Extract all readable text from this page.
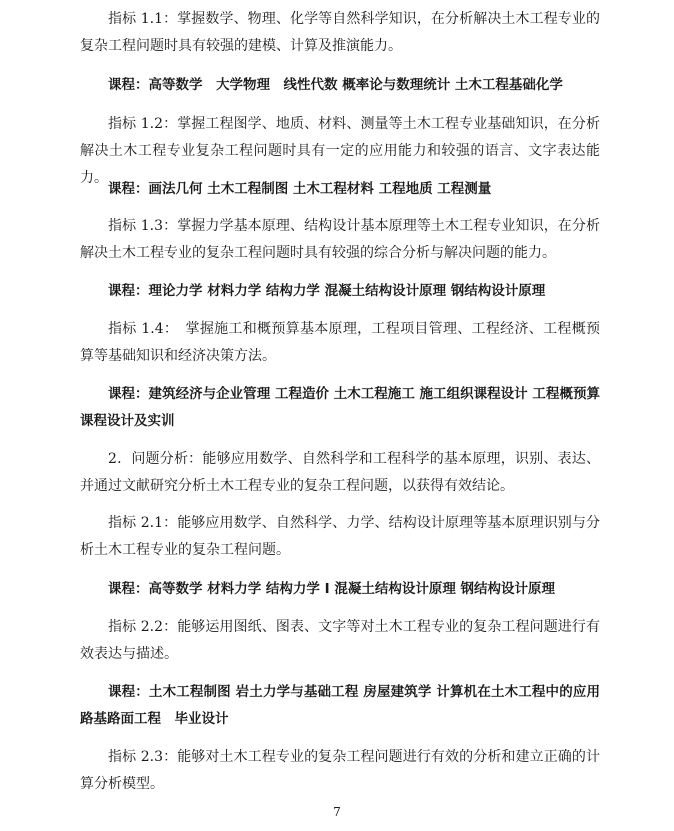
指标 1.1：掌握数学、物理、化学等自然科学知识，在分析解决土木工程专业的复杂工程问题时具有较强的建模、计算及推演能力。

课程：高等数学　大学物理　线性代数 概率论与数理统计 土木工程基础化学

指标 1.2：掌握工程图学、地质、材料、测量等土木工程专业基础知识，在分析解决土木工程专业复杂工程问题时具有一定的应用能力和较强的语言、文字表达能力。

课程：画法几何 土木工程制图 土木工程材料 工程地质 工程测量

指标 1.3：掌握力学基本原理、结构设计基本原理等土木工程专业知识，在分析解决土木工程专业的复杂工程问题时具有较强的综合分析与解决问题的能力。

课程：理论力学 材料力学 结构力学 混凝土结构设计原理 钢结构设计原理

指标 1.4：　掌握施工和概预算基本原理，工程项目管理、工程经济、工程概预算等基础知识和经济决策方法。

课程：建筑经济与企业管理 工程造价 土木工程施工 施工组织课程设计 工程概预算课程设计及实训

2．问题分析：能够应用数学、自然科学和工程科学的基本原理，识别、表达、并通过文献研究分析土木工程专业的复杂工程问题，以获得有效结论。

指标 2.1：能够应用数学、自然科学、力学、结构设计原理等基本原理识别与分析土木工程专业的复杂工程问题。

课程：高等数学 材料力学 结构力学 I 混凝土结构设计原理 钢结构设计原理

指标 2.2：能够运用图纸、图表、文字等对土木工程专业的复杂工程问题进行有效表达与描述。

课程：土木工程制图 岩土力学与基础工程 房屋建筑学 计算机在土木工程中的应用　路基路面工程　毕业设计

指标 2.3：能够对土木工程专业的复杂工程问题进行有效的分析和建立正确的计算分析模型。

7
